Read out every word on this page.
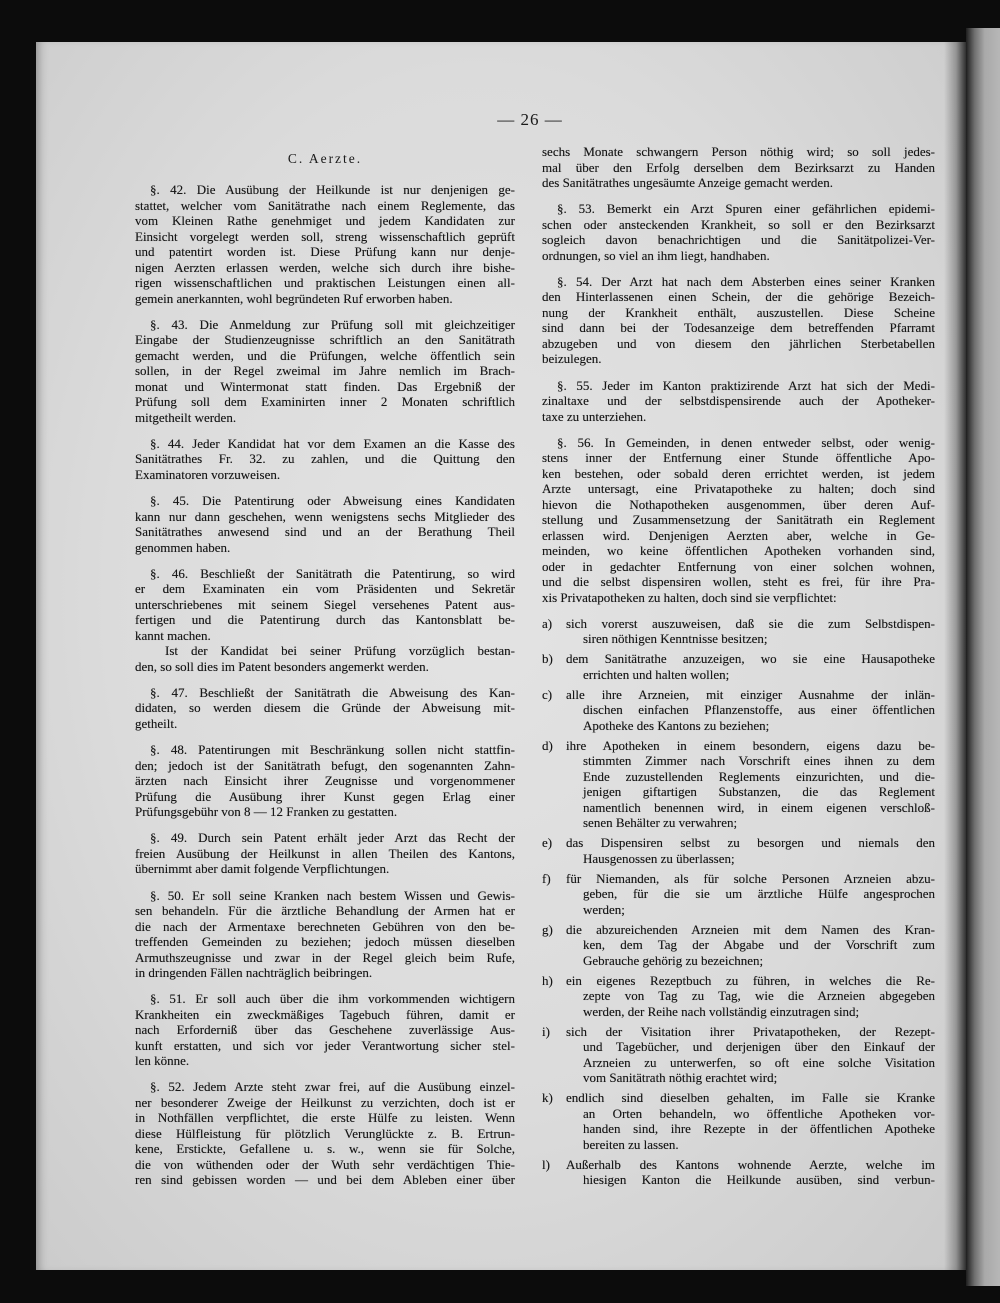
— 26 —
C. Aerzte.
§. 42. Die Ausübung der Heilkunde ist nur denjenigen ge-
stattet, welcher vom Sanitätrathe nach einem Reglemente, das
vom Kleinen Rathe genehmiget und jedem Kandidaten zur
Einsicht vorgelegt werden soll, streng wissenschaftlich geprüft
und patentirt worden ist. Diese Prüfung kann nur denje-
nigen Aerzten erlassen werden, welche sich durch ihre bishe-
rigen wissenschaftlichen und praktischen Leistungen einen all-
gemein anerkannten, wohl begründeten Ruf erworben haben.
§. 43. Die Anmeldung zur Prüfung soll mit gleichzeitiger
Eingabe der Studienzeugnisse schriftlich an den Sanitätrath
gemacht werden, und die Prüfungen, welche öffentlich sein
sollen, in der Regel zweimal im Jahre nemlich im Brach-
monat und Wintermonat statt finden. Das Ergebniß der
Prüfung soll dem Examinirten inner 2 Monaten schriftlich
mitgetheilt werden.
§. 44. Jeder Kandidat hat vor dem Examen an die Kasse des
Sanitätrathes Fr. 32. zu zahlen, und die Quittung den
Examinatoren vorzuweisen.
§. 45. Die Patentirung oder Abweisung eines Kandidaten
kann nur dann geschehen, wenn wenigstens sechs Mitglieder des
Sanitätrathes anwesend sind und an der Berathung Theil
genommen haben.
§. 46. Beschließt der Sanitätrath die Patentirung, so wird
er dem Examinaten ein vom Präsidenten und Sekretär
unterschriebenes mit seinem Siegel versehenes Patent aus-
fertigen und die Patentirung durch das Kantonsblatt be-
kannt machen.
Ist der Kandidat bei seiner Prüfung vorzüglich bestan-
den, so soll dies im Patent besonders angemerkt werden.
§. 47. Beschließt der Sanitätrath die Abweisung des Kan-
didaten, so werden diesem die Gründe der Abweisung mit-
getheilt.
§. 48. Patentirungen mit Beschränkung sollen nicht stattfin-
den; jedoch ist der Sanitätrath befugt, den sogenannten Zahn-
ärzten nach Einsicht ihrer Zeugnisse und vorgenommener
Prüfung die Ausübung ihrer Kunst gegen Erlag einer
Prüfungsgebühr von 8 — 12 Franken zu gestatten.
§. 49. Durch sein Patent erhält jeder Arzt das Recht der
freien Ausübung der Heilkunst in allen Theilen des Kantons,
übernimmt aber damit folgende Verpflichtungen.
§. 50. Er soll seine Kranken nach bestem Wissen und Gewis-
sen behandeln. Für die ärztliche Behandlung der Armen hat er
die nach der Armentaxe berechneten Gebühren von den be-
treffenden Gemeinden zu beziehen; jedoch müssen dieselben
Armuthszeugnisse und zwar in der Regel gleich beim Rufe,
in dringenden Fällen nachträglich beibringen.
§. 51. Er soll auch über die ihm vorkommenden wichtigern
Krankheiten ein zweckmäßiges Tagebuch führen, damit er
nach Erforderniß über das Geschehene zuverlässige Aus-
kunft erstatten, und sich vor jeder Verantwortung sicher stel-
len könne.
§. 52. Jedem Arzte steht zwar frei, auf die Ausübung einzel-
ner besonderer Zweige der Heilkunst zu verzichten, doch ist er
in Nothfällen verpflichtet, die erste Hülfe zu leisten. Wenn
diese Hülfleistung für plötzlich Verunglückte z. B. Ertrun-
kene, Erstickte, Gefallene u. s. w., wenn sie für Solche,
die von wüthenden oder der Wuth sehr verdächtigen Thie-
ren sind gebissen worden — und bei dem Ableben einer über
sechs Monate schwangern Person nöthig wird; so soll jedes-
mal über den Erfolg derselben dem Bezirksarzt zu Handen
des Sanitätrathes ungesäumte Anzeige gemacht werden.
§. 53. Bemerkt ein Arzt Spuren einer gefährlichen epidemi-
schen oder ansteckenden Krankheit, so soll er den Bezirksarzt
sogleich davon benachrichtigen und die Sanitätpolizei-Ver-
ordnungen, so viel an ihm liegt, handhaben.
§. 54. Der Arzt hat nach dem Absterben eines seiner Kranken
den Hinterlassenen einen Schein, der die gehörige Bezeich-
nung der Krankheit enthält, auszustellen. Diese Scheine
sind dann bei der Todesanzeige dem betreffenden Pfarramt
abzugeben und von diesem den jährlichen Sterbetabellen
beizulegen.
§. 55. Jeder im Kanton praktizirende Arzt hat sich der Medi-
zinaltaxe und der selbstdispensirende auch der Apotheker-
taxe zu unterziehen.
§. 56. In Gemeinden, in denen entweder selbst, oder wenig-
stens inner der Entfernung einer Stunde öffentliche Apo-
ken bestehen, oder sobald deren errichtet werden, ist jedem
Arzte untersagt, eine Privatapotheke zu halten; doch sind
hievon die Nothapotheken ausgenommen, über deren Auf-
stellung und Zusammensetzung der Sanitätrath ein Reglement
erlassen wird. Denjenigen Aerzten aber, welche in Ge-
meinden, wo keine öffentlichen Apotheken vorhanden sind,
oder in gedachter Entfernung von einer solchen wohnen,
und die selbst dispensiren wollen, steht es frei, für ihre Pra-
xis Privatapotheken zu halten, doch sind sie verpflichtet:
a) sich vorerst auszuweisen, daß sie die zum Selbstdispen-
siren nöthigen Kenntnisse besitzen;
b) dem Sanitätrathe anzuzeigen, wo sie eine Hausapotheke
errichten und halten wollen;
c) alle ihre Arzneien, mit einziger Ausnahme der inlän-
dischen einfachen Pflanzenstoffe, aus einer öffentlichen
Apotheke des Kantons zu beziehen;
d) ihre Apotheken in einem besondern, eigens dazu be-
stimmten Zimmer nach Vorschrift eines ihnen zu dem
Ende zuzustellenden Reglements einzurichten, und die-
jenigen giftartigen Substanzen, die das Reglement
namentlich benennen wird, in einem eigenen verschloß-
senen Behälter zu verwahren;
e) das Dispensiren selbst zu besorgen und niemals den
Hausgenossen zu überlassen;
f) für Niemanden, als für solche Personen Arzneien abzu-
geben, für die sie um ärztliche Hülfe angesprochen
werden;
g) die abzureichenden Arzneien mit dem Namen des Kran-
ken, dem Tag der Abgabe und der Vorschrift zum
Gebrauche gehörig zu bezeichnen;
h) ein eigenes Rezeptbuch zu führen, in welches die Re-
zepte von Tag zu Tag, wie die Arzneien abgegeben
werden, der Reihe nach vollständig einzutragen sind;
i) sich der Visitation ihrer Privatapotheken, der Rezept-
und Tagebücher, und derjenigen über den Einkauf der
Arzneien zu unterwerfen, so oft eine solche Visitation
vom Sanitätrath nöthig erachtet wird;
k) endlich sind dieselben gehalten, im Falle sie Kranke
an Orten behandeln, wo öffentliche Apotheken vor-
handen sind, ihre Rezepte in der öffentlichen Apotheke
bereiten zu lassen.
l) Außerhalb des Kantons wohnende Aerzte, welche im
hiesigen Kanton die Heilkunde ausüben, sind verbun-
